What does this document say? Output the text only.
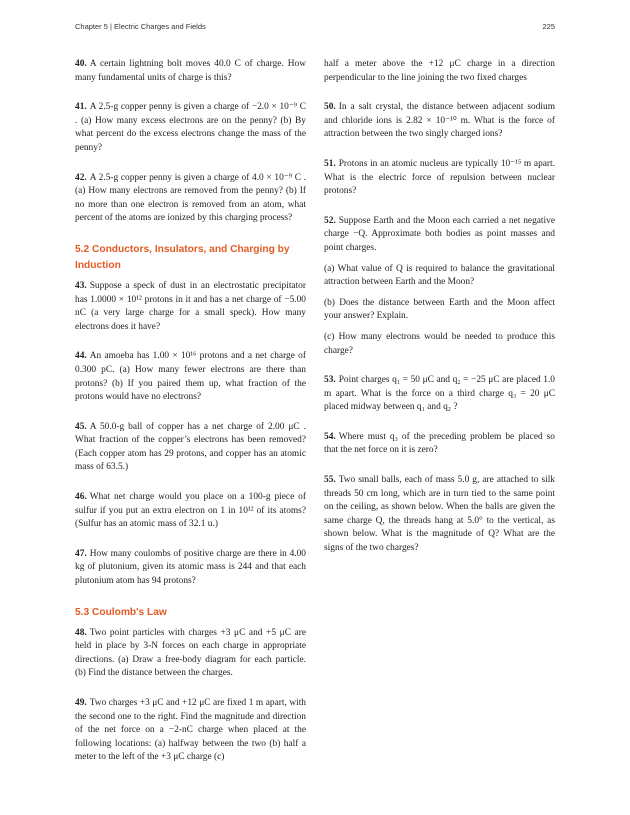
Chapter 5 | Electric Charges and Fields	225

40. A certain lightning bolt moves 40.0 C of charge. How many fundamental units of charge is this?

41. A 2.5-g copper penny is given a charge of −2.0 × 10⁻⁹ C . (a) How many excess electrons are on the penny? (b) By what percent do the excess electrons change the mass of the penny?

42. A 2.5-g copper penny is given a charge of 4.0 × 10⁻⁹ C . (a) How many electrons are removed from the penny? (b) If no more than one electron is removed from an atom, what percent of the atoms are ionized by this charging process?

5.2 Conductors, Insulators, and Charging by Induction

43. Suppose a speck of dust in an electrostatic precipitator has 1.0000 × 10¹² protons in it and has a net charge of −5.00 nC (a very large charge for a small speck). How many electrons does it have?

44. An amoeba has 1.00 × 10¹⁶ protons and a net charge of 0.300 pC. (a) How many fewer electrons are there than protons? (b) If you paired them up, what fraction of the protons would have no electrons?

45. A 50.0-g ball of copper has a net charge of 2.00 μC . What fraction of the copper’s electrons has been removed? (Each copper atom has 29 protons, and copper has an atomic mass of 63.5.)

46. What net charge would you place on a 100-g piece of sulfur if you put an extra electron on 1 in 10¹² of its atoms? (Sulfur has an atomic mass of 32.1 u.)

47. How many coulombs of positive charge are there in 4.00 kg of plutonium, given its atomic mass is 244 and that each plutonium atom has 94 protons?

5.3 Coulomb's Law

48. Two point particles with charges +3 μC and +5 μC are held in place by 3-N forces on each charge in appropriate directions. (a) Draw a free-body diagram for each particle. (b) Find the distance between the charges.

49. Two charges +3 μC and +12 μC are fixed 1 m apart, with the second one to the right. Find the magnitude and direction of the net force on a −2-nC charge when placed at the following locations: (a) halfway between the two (b) half a meter to the left of the +3 μC charge (c)

half a meter above the +12 μC charge in a direction perpendicular to the line joining the two fixed charges

50. In a salt crystal, the distance between adjacent sodium and chloride ions is 2.82 × 10⁻¹⁰ m. What is the force of attraction between the two singly charged ions?

51. Protons in an atomic nucleus are typically 10⁻¹⁵ m apart. What is the electric force of repulsion between nuclear protons?

52. Suppose Earth and the Moon each carried a net negative charge −Q. Approximate both bodies as point masses and point charges.

(a) What value of Q is required to balance the gravitational attraction between Earth and the Moon?

(b) Does the distance between Earth and the Moon affect your answer? Explain.

(c) How many electrons would be needed to produce this charge?

53. Point charges q₁ = 50 μC and q₂ = −25 μC are placed 1.0 m apart. What is the force on a third charge q₃ = 20 μC placed midway between q₁ and q₂ ?

54. Where must q₃ of the preceding problem be placed so that the net force on it is zero?

55. Two small balls, each of mass 5.0 g, are attached to silk threads 50 cm long, which are in turn tied to the same point on the ceiling, as shown below. When the balls are given the same charge Q, the threads hang at 5.0° to the vertical, as shown below. What is the magnitude of Q? What are the signs of the two charges?
